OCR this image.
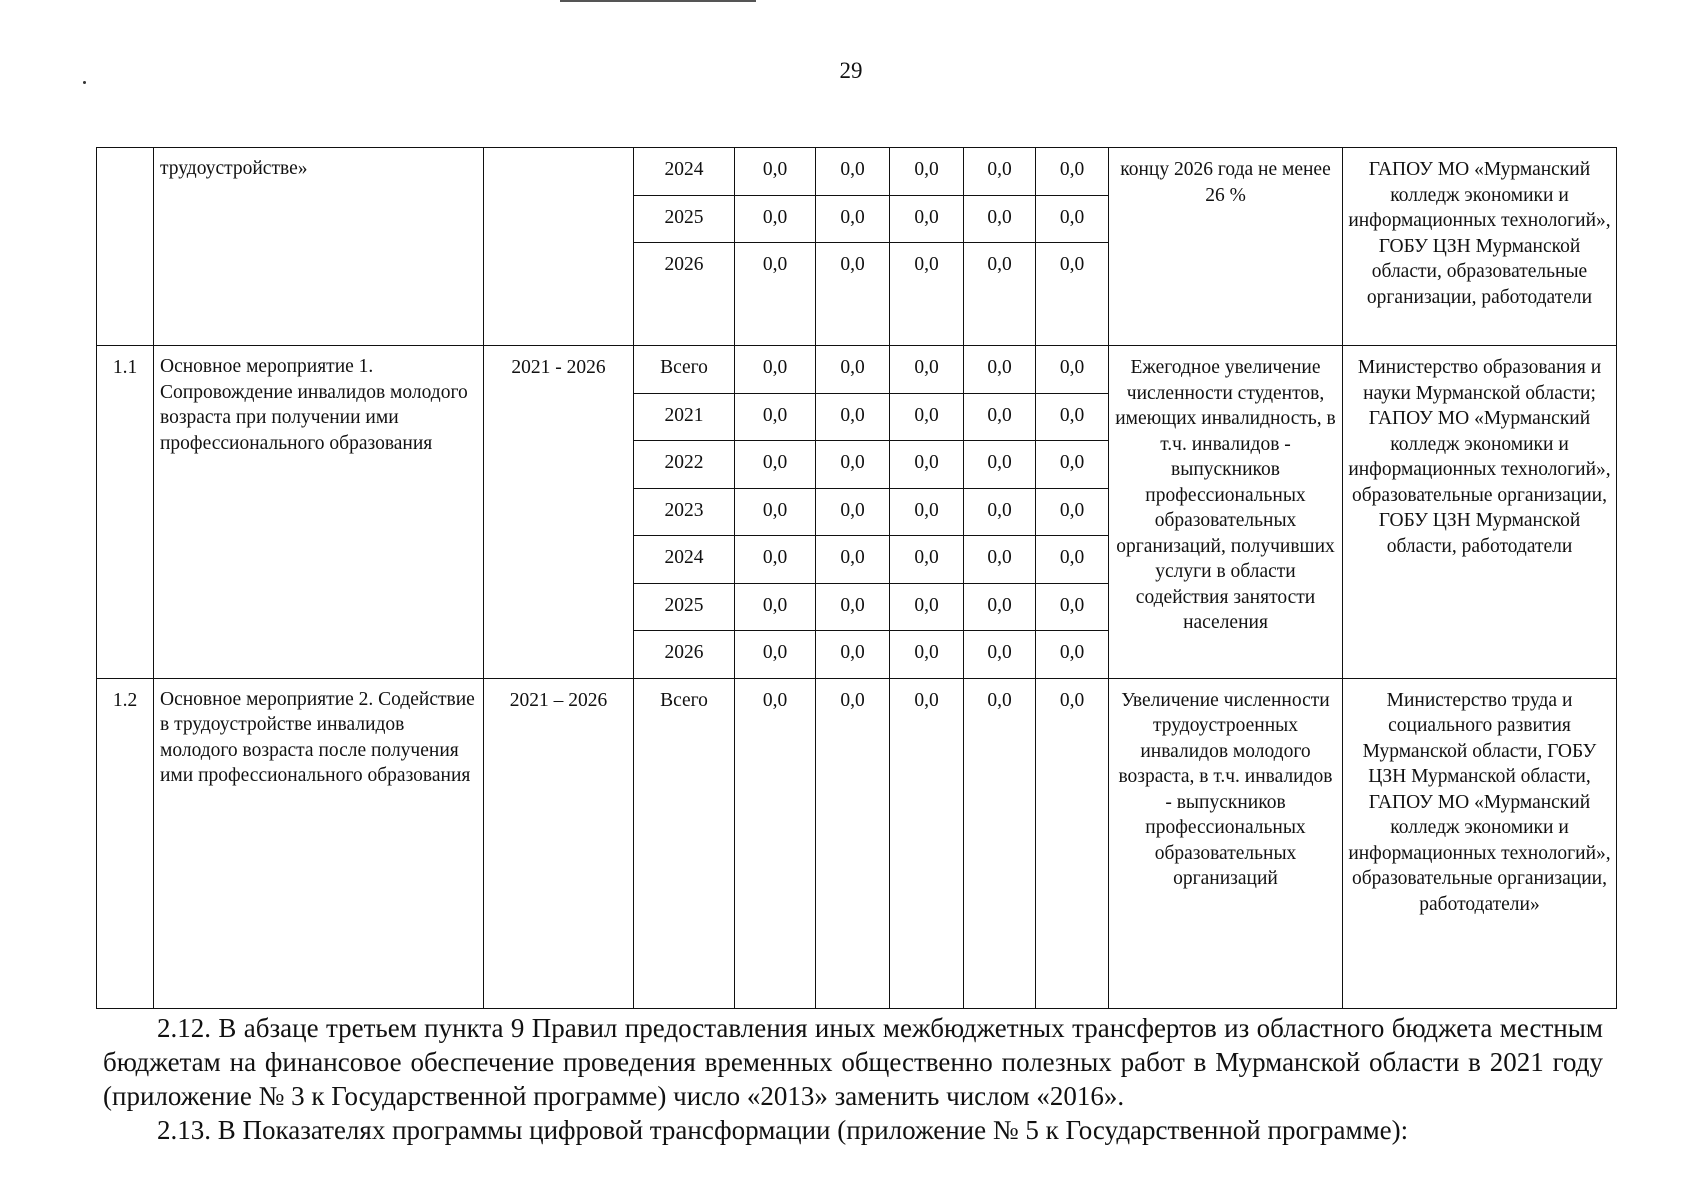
29
	трудоустройстве»		2024	0,0	0,0	0,0	0,0	0,0	концу 2026 года не менее 26 %	ГАПОУ МО «Мурманский колледж экономики и информационных технологий», ГОБУ ЦЗН Мурманской области, образовательные организации, работодатели
			2025	0,0	0,0	0,0	0,0	0,0		
			2026	0,0	0,0	0,0	0,0	0,0		
1.1	Основное мероприятие 1. Сопровождение инвалидов молодого возраста при получении ими профессионального образования	2021 - 2026	Всего	0,0	0,0	0,0	0,0	0,0	Ежегодное увеличение численности студентов, имеющих инвалидность, в т.ч. инвалидов - выпускников профессиональных образовательных организаций, получивших услуги в области содействия занятости населения	Министерство образования и науки Мурманской области; ГАПОУ МО «Мурманский колледж экономики и информационных технологий», образовательные организации, ГОБУ ЦЗН Мурманской области, работодатели
			2021	0,0	0,0	0,0	0,0	0,0		
			2022	0,0	0,0	0,0	0,0	0,0		
			2023	0,0	0,0	0,0	0,0	0,0		
			2024	0,0	0,0	0,0	0,0	0,0		
			2025	0,0	0,0	0,0	0,0	0,0		
			2026	0,0	0,0	0,0	0,0	0,0		
1.2	Основное мероприятие 2. Содействие в трудоустройстве инвалидов молодого возраста после получения ими профессионального образования	2021 – 2026	Всего	0,0	0,0	0,0	0,0	0,0	Увеличение численности трудоустроенных инвалидов молодого возраста, в т.ч. инвалидов - выпускников профессиональных образовательных организаций	Министерство труда и социального развития Мурманской области, ГОБУ ЦЗН Мурманской области, ГАПОУ МО «Мурманский колледж экономики и информационных технологий», образовательные организации, работодатели»

2.12. В абзаце третьем пункта 9 Правил предоставления иных межбюджетных трансфертов из областного бюджета местным бюджетам на финансовое обеспечение проведения временных общественно полезных работ в Мурманской области в 2021 году (приложение № 3 к Государственной программе) число «2013» заменить числом «2016».

2.13. В Показателях программы цифровой трансформации (приложение № 5 к Государственной программе):
